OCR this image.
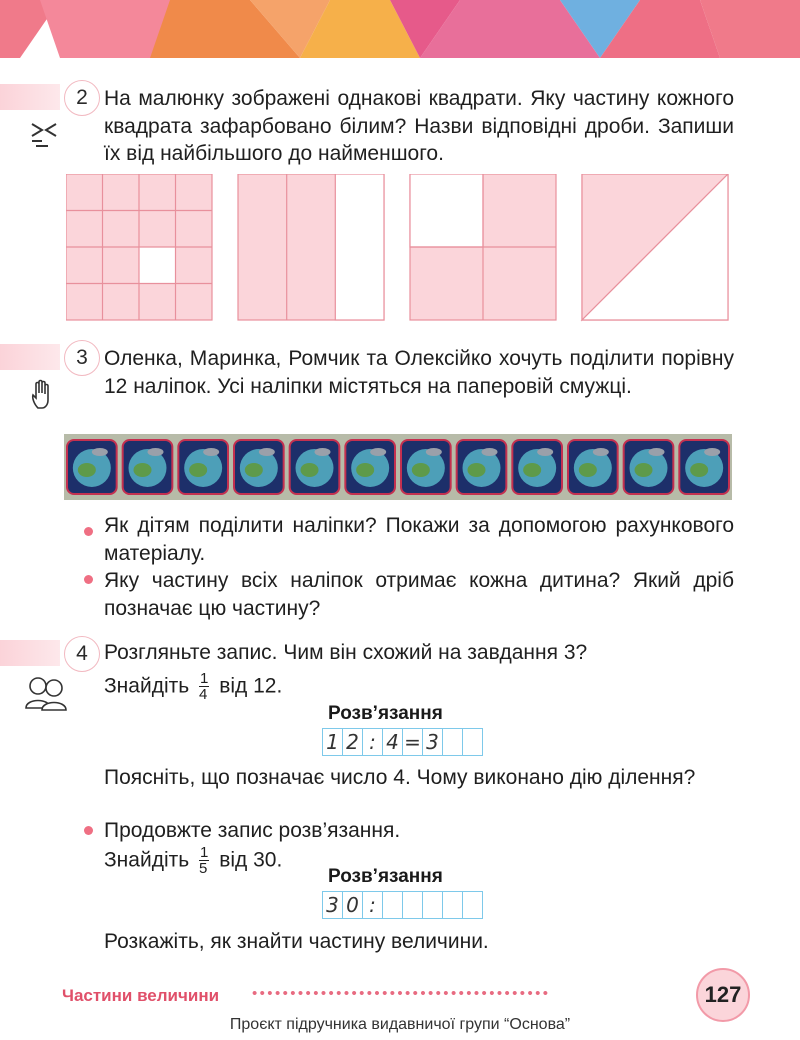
2 На малюнку зображені однакові квадрати. Яку частину кожного квадрата зафарбовано білим? Назви відповідні дроби. Запиши їх від найбільшого до найменшого.
3 Оленка, Маринка, Ромчик та Олексійко хочуть поділити порівну 12 наліпок. Усі наліпки містяться на паперовій смужці.
Як дітям поділити наліпки? Покажи за допомогою рахункового матеріалу.
Яку частину всіх наліпок отримає кожна дитина? Який дріб позначає цю частину?
4 Розгляньте запис. Чим він схожий на завдання 3?
Знайдіть $\frac{1}{4}$ від 12.
Розв’язання
1 2 : 4 = 3
Поясніть, що позначає число 4. Чому виконано дію ділення?
Продовжте запис розв’язання.
Знайдіть $\frac{1}{5}$ від 30.
Розв’язання
3 0 :
Розкажіть, як знайти частину величини.
Частини величини •••••••••••••••••••••••••••••••••••••••	127
Проєкт підручника видавничої групи “Основа”
